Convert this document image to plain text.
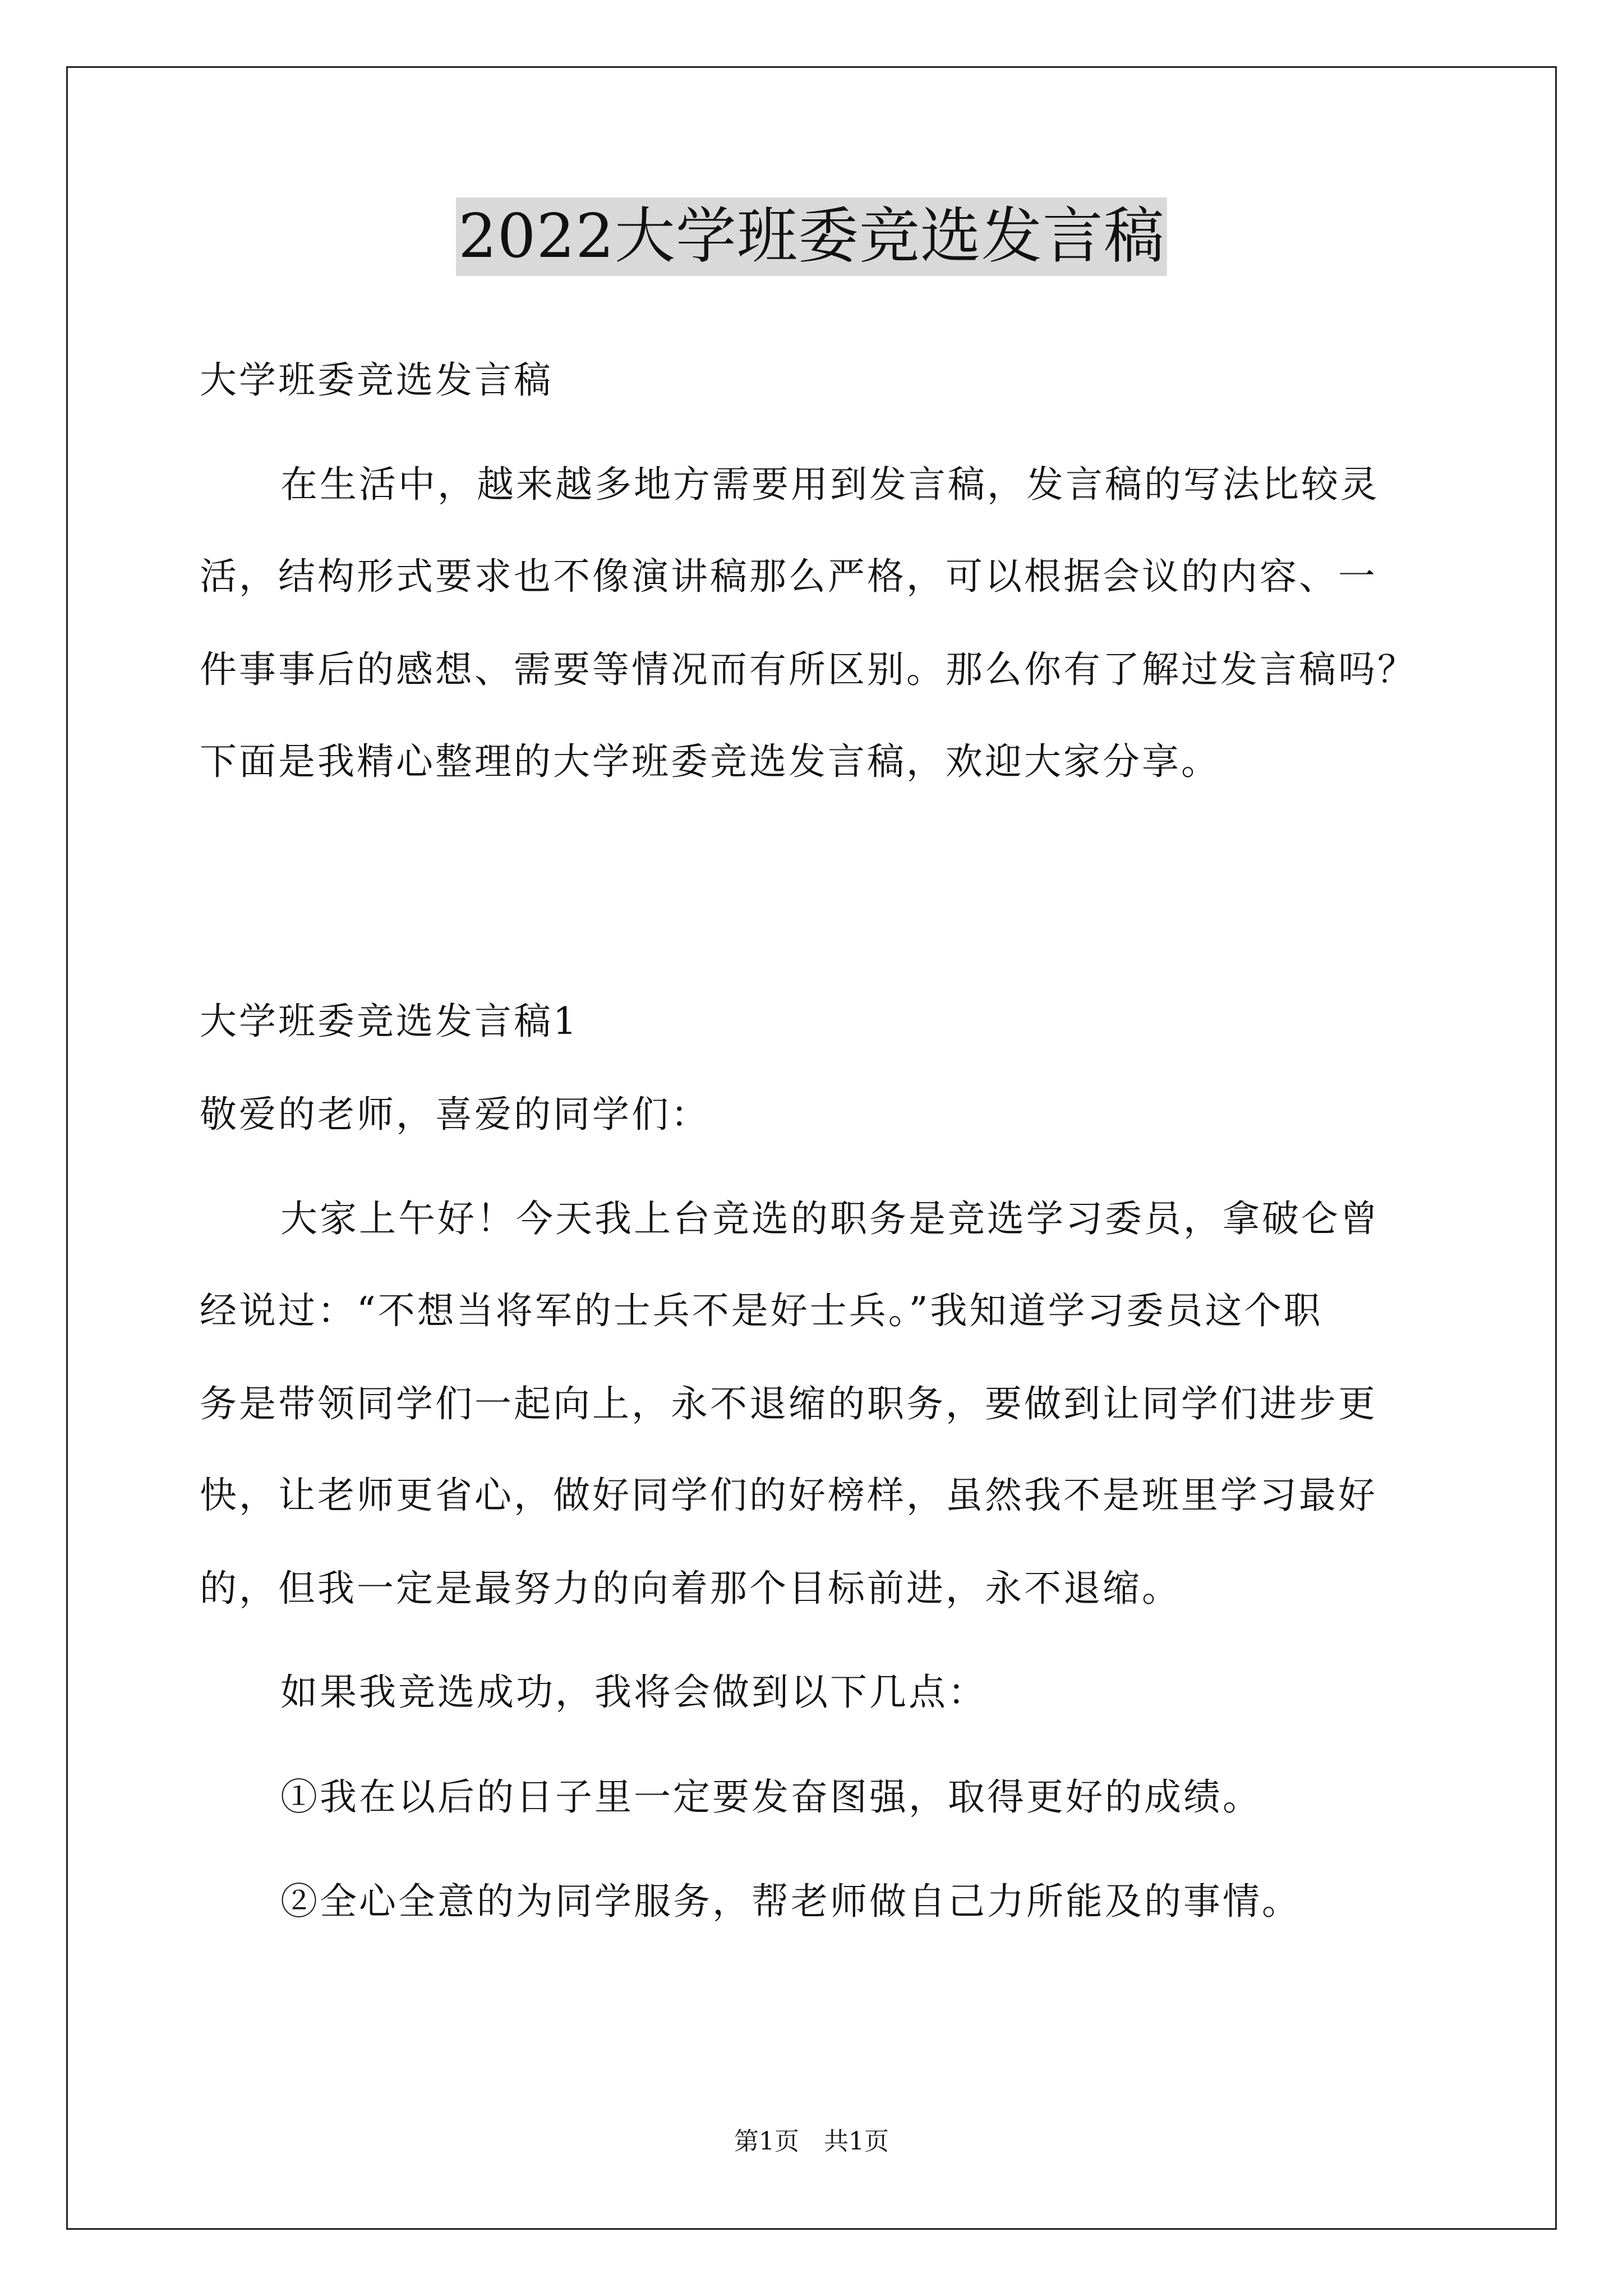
2022大学班委竞选发言稿
大学班委竞选发言稿
在生活中，越来越多地方需要用到发言稿，发言稿的写法比较灵
活，结构形式要求也不像演讲稿那么严格，可以根据会议的内容、一
件事事后的感想、需要等情况而有所区别。那么你有了解过发言稿吗？
下面是我精心整理的大学班委竞选发言稿，欢迎大家分享。
大学班委竞选发言稿1
敬爱的老师，喜爱的同学们：
大家上午好！今天我上台竞选的职务是竞选学习委员，拿破仑曾
经说过：“不想当将军的士兵不是好士兵。”我知道学习委员这个职
务是带领同学们一起向上，永不退缩的职务，要做到让同学们进步更
快，让老师更省心，做好同学们的好榜样，虽然我不是班里学习最好
的，但我一定是最努力的向着那个目标前进，永不退缩。
如果我竞选成功，我将会做到以下几点：
①我在以后的日子里一定要发奋图强，取得更好的成绩。
②全心全意的为同学服务，帮老师做自己力所能及的事情。
第1页　共1页
